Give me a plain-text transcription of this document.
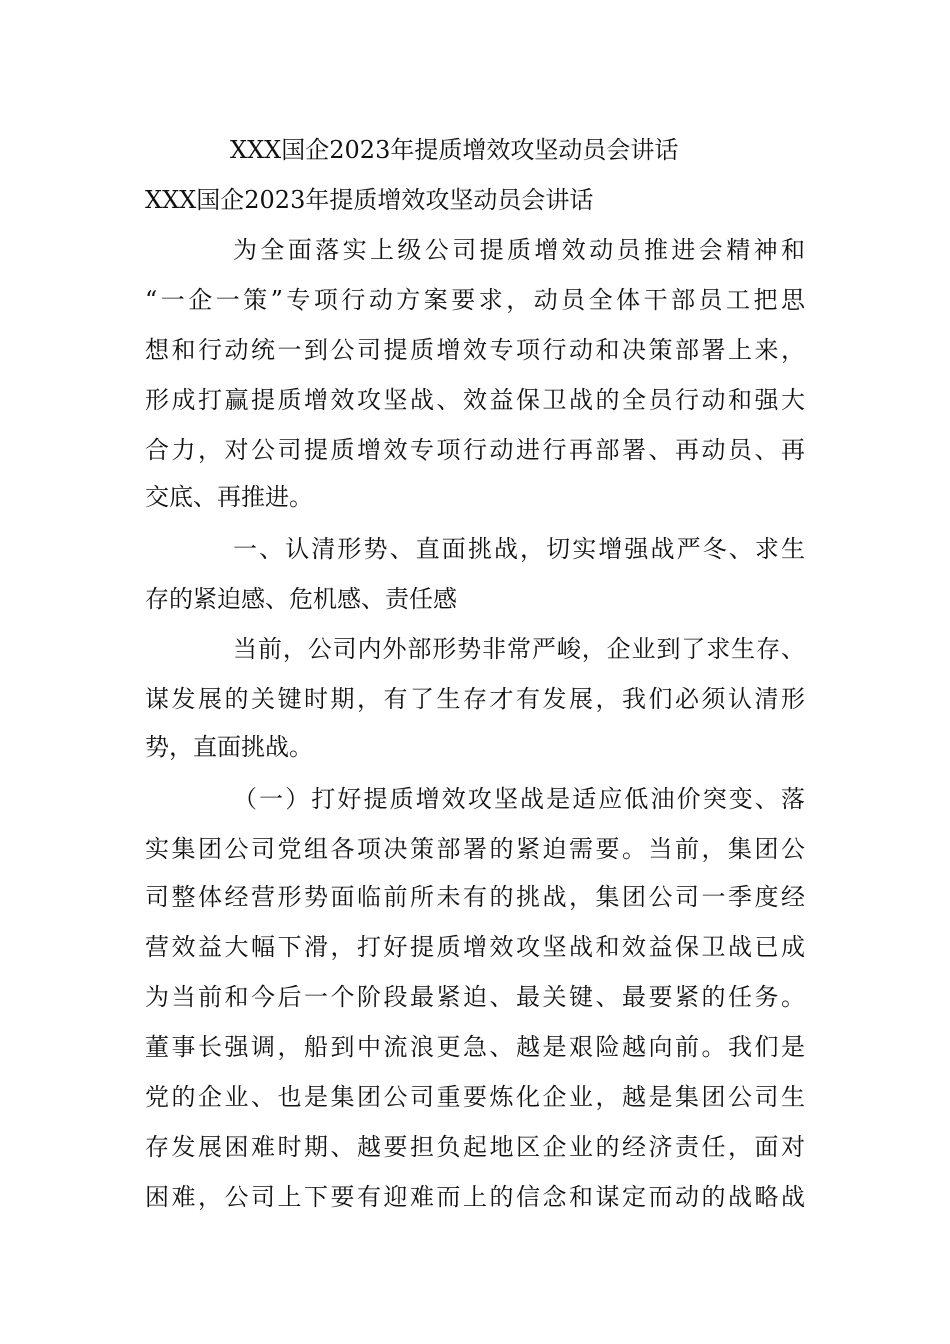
XXX国企2023年提质增效攻坚动员会讲话
XXX国企2023年提质增效攻坚动员会讲话
为全面落实上级公司提质增效动员推进会精神和
“一企一策”专项行动方案要求，动员全体干部员工把思
想和行动统一到公司提质增效专项行动和决策部署上来，
形成打赢提质增效攻坚战、效益保卫战的全员行动和强大
合力，对公司提质增效专项行动进行再部署、再动员、再
交底、再推进。
一、认清形势、直面挑战，切实增强战严冬、求生
存的紧迫感、危机感、责任感
当前，公司内外部形势非常严峻，企业到了求生存、
谋发展的关键时期，有了生存才有发展，我们必须认清形
势，直面挑战。
（一）打好提质增效攻坚战是适应低油价突变、落
实集团公司党组各项决策部署的紧迫需要。当前，集团公
司整体经营形势面临前所未有的挑战，集团公司一季度经
营效益大幅下滑，打好提质增效攻坚战和效益保卫战已成
为当前和今后一个阶段最紧迫、最关键、最要紧的任务。
董事长强调，船到中流浪更急、越是艰险越向前。我们是
党的企业、也是集团公司重要炼化企业，越是集团公司生
存发展困难时期、越要担负起地区企业的经济责任，面对
困难，公司上下要有迎难而上的信念和谋定而动的战略战
